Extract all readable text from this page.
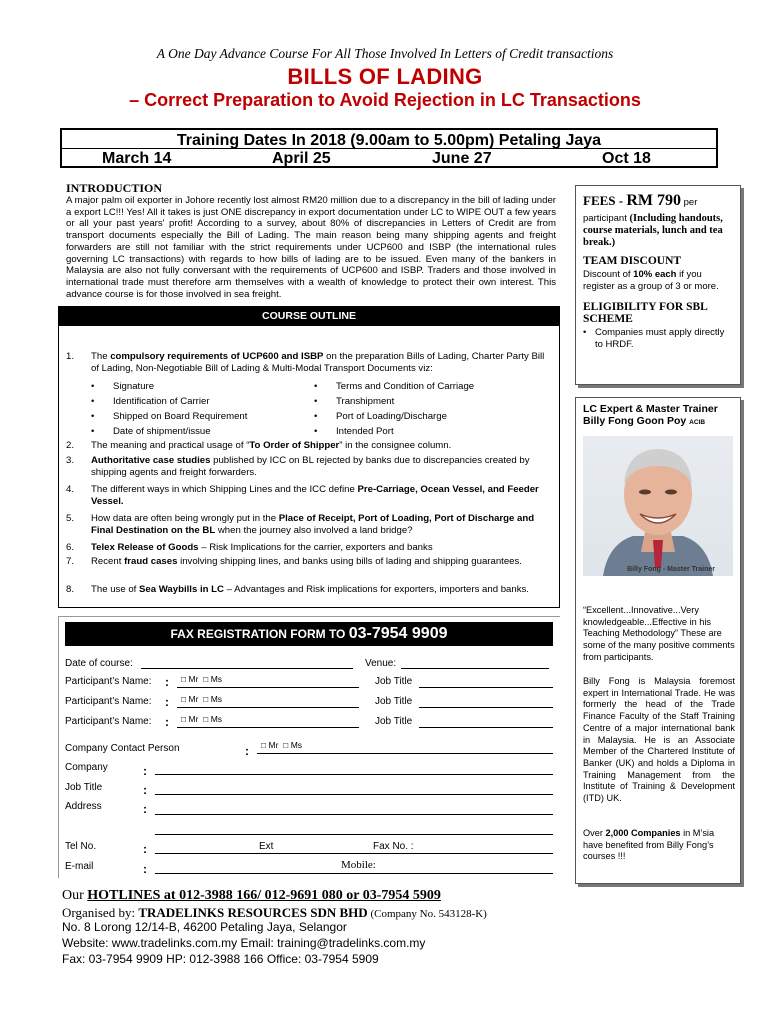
A One Day Advance Course For All Those Involved In Letters of Credit transactions
BILLS OF LADING
– Correct Preparation to Avoid Rejection in LC Transactions
Training Dates In 2018 (9.00am to 5.00pm) Petaling Jaya
March 14	April 25	June 27	Oct 18
INTRODUCTION
A major palm oil exporter in Johore recently lost almost RM20 million due to a discrepancy in the bill of lading under a export LC!!! Yes! All it takes is just ONE discrepancy in export documentation under LC to WIPE OUT a few years or all your past years' profit! According to a survey, about 80% of discrepancies in Letters of Credit are from transport documents especially the Bill of Lading. The main reason being many shipping agents and freight forwarders are still not familiar with the strict requirements under UCP600 and ISBP (the international rules governing LC transactions) with regards to how bills of lading are to be issued. Even many of the bankers in Malaysia are also not fully conversant with the requirements of UCP600 and ISBP. Traders and those involved in international trade must therefore arm themselves with a wealth of knowledge to protect their own interest. This advance course is for those involved in sea freight.
COURSE OUTLINE
1. The compulsory requirements of UCP600 and ISBP on the preparation Bills of Lading, Charter Party Bill of Lading, Non-Negotiable Bill of Lading & Multi-Modal Transport Documents viz:
• Signature
• Identification of Carrier
• Shipped on Board Requirement
• Date of shipment/issue
• Terms and Condition of Carriage
• Transhipment
• Port of Loading/Discharge
• Intended Port
2. The meaning and practical usage of “To Order of Shipper” in the consignee column.
3. Authoritative case studies published by ICC on BL rejected by banks due to discrepancies created by shipping agents and freight forwarders.
4. The different ways in which Shipping Lines and the ICC define Pre-Carriage, Ocean Vessel, and Feeder Vessel.
5. How data are often being wrongly put in the Place of Receipt, Port of Loading, Port of Discharge and Final Destination on the BL when the journey also involved a land bridge?
6. Telex Release of Goods – Risk Implications for the carrier, exporters and banks
7. Recent fraud cases involving shipping lines, and banks using bills of lading and shipping guarantees.
8. The use of Sea Waybills in LC – Advantages and Risk implications for exporters, importers and banks.
FAX REGISTRATION FORM TO 03-7954 9909
Date of course:	Venue:
Participant’s Name: : □ Mr □ Ms	Job Title
Participant’s Name: : □ Mr □ Ms	Job Title
Participant’s Name: : □ Mr □ Ms	Job Title
Company Contact Person	: □ Mr □ Ms
Company	:
Job Title	:
Address	:
Tel No.	:	Ext	Fax No. :
E-mail	:	Mobile:
Our HOTLINES at 012-3988 166/ 012-9691 080 or 03-7954 5909
Organised by: TRADELINKS RESOURCES SDN BHD (Company No. 543128-K)
No. 8 Lorong 12/14-B, 46200 Petaling Jaya, Selangor
Website: www.tradelinks.com.my Email: training@tradelinks.com.my
Fax: 03-7954 9909 HP: 012-3988 166 Office: 03-7954 5909
FEES - RM 790 per
participant (Including handouts, course materials, lunch and tea break.)
TEAM DISCOUNT
Discount of 10% each if you register as a group of 3 or more.
ELIGIBILITY FOR SBL SCHEME
• Companies must apply directly to HRDF.
LC Expert & Master Trainer
Billy Fong Goon Poy ACIB
Billy Fong - Master Trainer
“Excellent...Innovative...Very knowledgeable...Effective in his Teaching Methodology” These are some of the many positive comments from participants.
Billy Fong is Malaysia foremost expert in International Trade. He was formerly the head of the Trade Finance Faculty of the Staff Training Centre of a major international bank in Malaysia. He is an Associate Member of the Chartered Institute of Banker (UK) and holds a Diploma in Training Management from the Institute of Training & Development (ITD) UK.
Over 2,000 Companies in M’sia have benefited from Billy Fong’s courses !!!
